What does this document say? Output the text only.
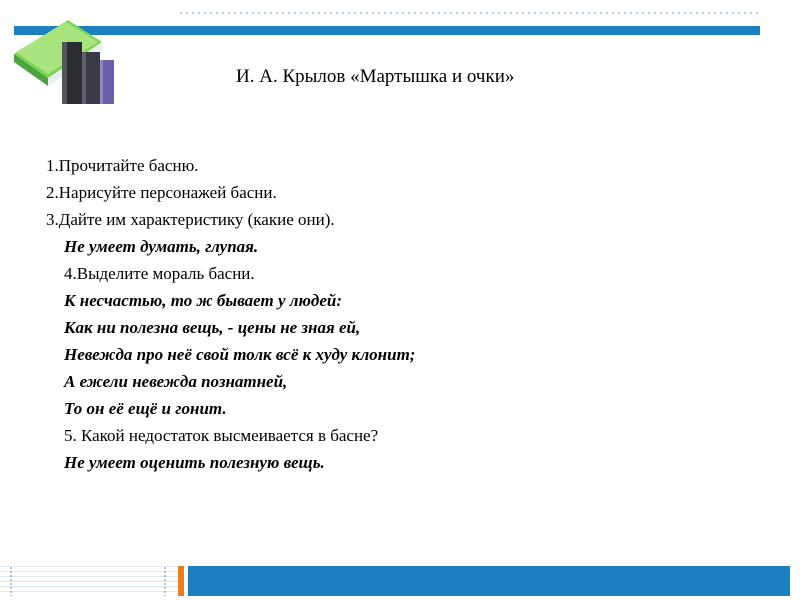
И. А. Крылов «Мартышка и очки»
1.Прочитайте басню.
2.Нарисуйте персонажей басни.
3.Дайте им характеристику (какие они).
Не умеет думать, глупая.
4.Выделите мораль басни.
К несчастью, то ж бывает у людей:
Как ни полезна вещь, - цены не зная ей,
Невежда про неё свой толк всё к худу клонит;
А ежели невежда познатней,
То он её ещё и гонит.
5. Какой недостаток высмеивается в басне?
Не умеет оценить полезную вещь.
